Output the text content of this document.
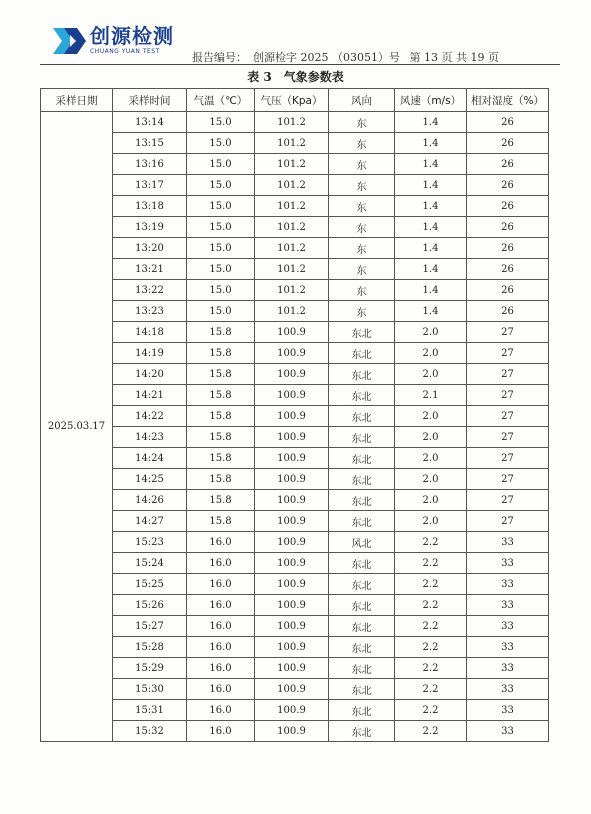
创源检测
CHUANG YUAN TEST	报告编号： 创源检字 2025 （03051）号 第 13 页 共 19 页
表 3 气象参数表
采样日期	采样时间	气温（℃）	气压（Kpa）	风向	风速（m/s）	相对湿度（%）
2025.03.17	13:14	15.0	101.2	东	1.4	26
	13:15	15.0	101.2	东	1.4	26
	13:16	15.0	101.2	东	1.4	26
	13:17	15.0	101.2	东	1.4	26
	13:18	15.0	101.2	东	1.4	26
	13:19	15.0	101.2	东	1.4	26
	13:20	15.0	101.2	东	1.4	26
	13:21	15.0	101.2	东	1.4	26
	13:22	15.0	101.2	东	1.4	26
	13:23	15.0	101.2	东	1.4	26
	14:18	15.8	100.9	东北	2.0	27
	14:19	15.8	100.9	东北	2.0	27
	14:20	15.8	100.9	东北	2.0	27
	14:21	15.8	100.9	东北	2.1	27
	14:22	15.8	100.9	东北	2.0	27
	14:23	15.8	100.9	东北	2.0	27
	14:24	15.8	100.9	东北	2.0	27
	14:25	15.8	100.9	东北	2.0	27
	14:26	15.8	100.9	东北	2.0	27
	14:27	15.8	100.9	东北	2.0	27
	15:23	16.0	100.9	风北	2.2	33
	15:24	16.0	100.9	东北	2.2	33
	15:25	16.0	100.9	东北	2.2	33
	15:26	16.0	100.9	东北	2.2	33
	15:27	16.0	100.9	东北	2.2	33
	15:28	16.0	100.9	东北	2.2	33
	15:29	16.0	100.9	东北	2.2	33
	15:30	16.0	100.9	东北	2.2	33
	15:31	16.0	100.9	东北	2.2	33
	15:32	16.0	100.9	东北	2.2	33
